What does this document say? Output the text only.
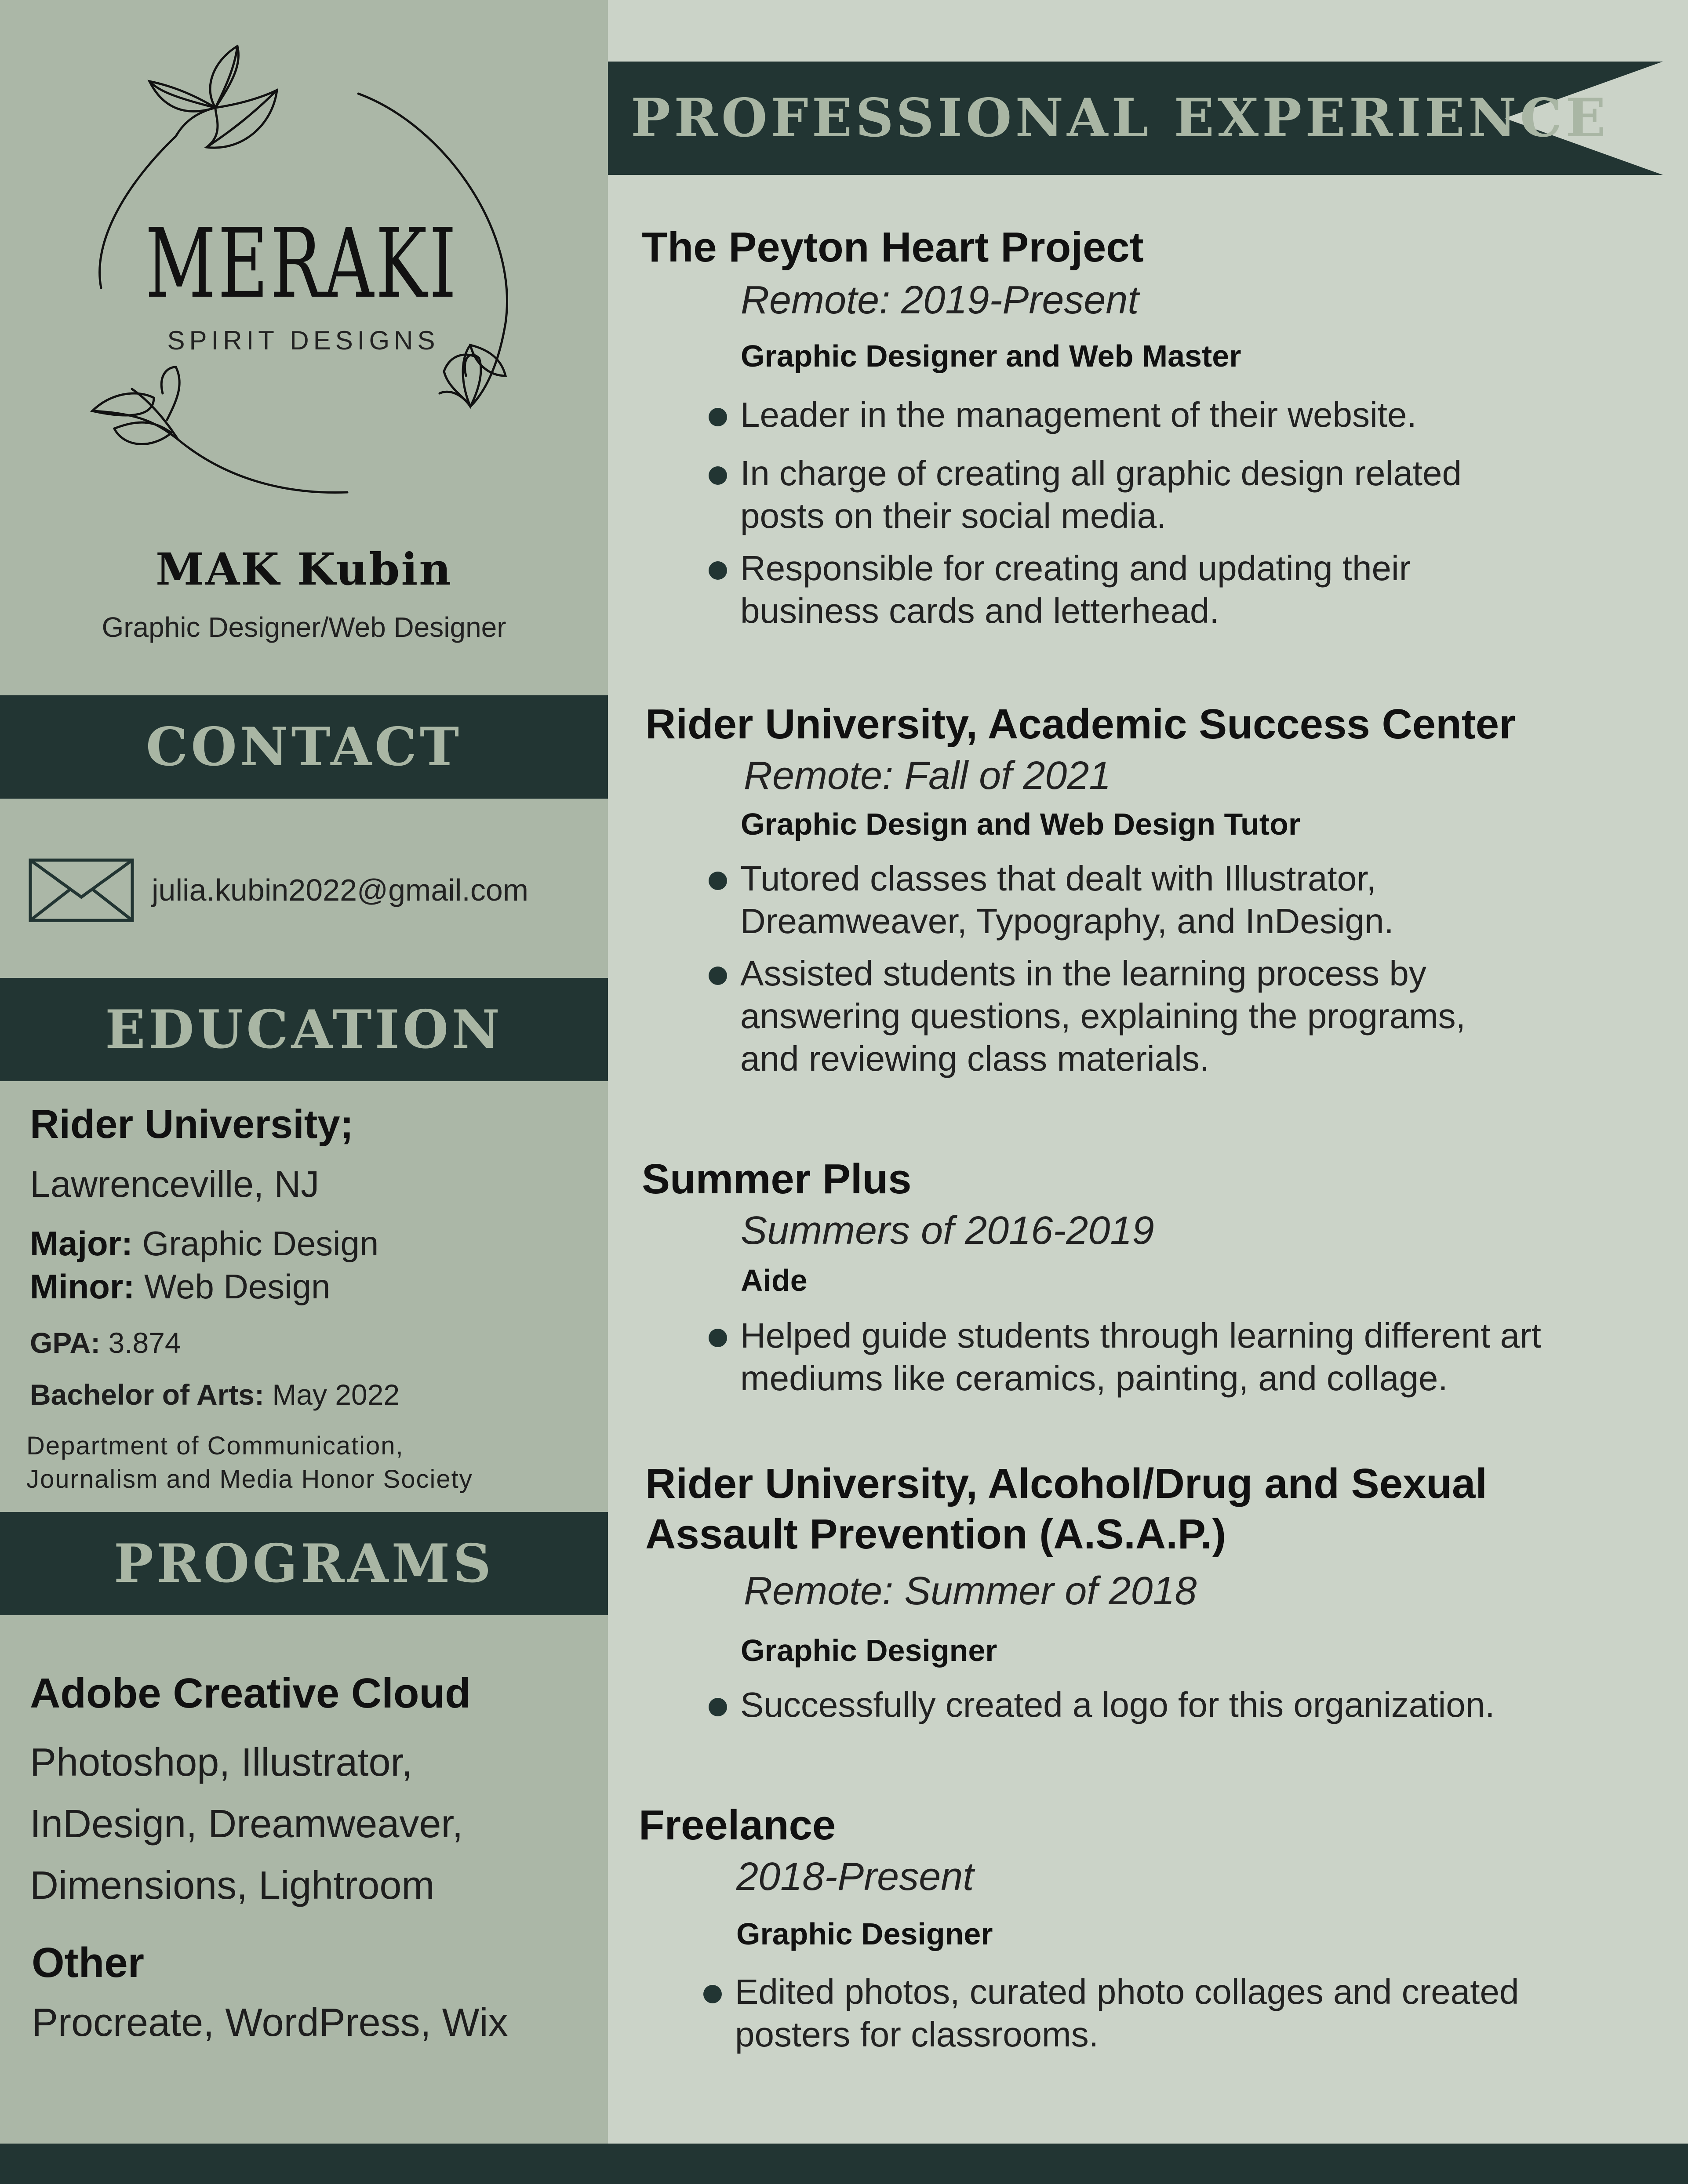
MERAKI
SPIRIT DESIGNS
MAK Kubin
Graphic Designer/Web Designer
CONTACT
julia.kubin2022@gmail.com
EDUCATION
Rider University;
Lawrenceville, NJ
Major: Graphic Design
Minor: Web Design
GPA: 3.874
Bachelor of Arts: May 2022
Department of Communication,
Journalism and Media Honor Society
PROGRAMS
Adobe Creative Cloud
Photoshop, Illustrator,
InDesign, Dreamweaver,
Dimensions, Lightroom
Other
Procreate, WordPress, Wix
PROFESSIONAL EXPERIENCE
The Peyton Heart Project
Remote: 2019-Present
Graphic Designer and Web Master
Leader in the management of their website.
In charge of creating all graphic design related posts on their social media.
Responsible for creating and updating their business cards and letterhead.
Rider University, Academic Success Center
Remote: Fall of 2021
Graphic Design and Web Design Tutor
Tutored classes that dealt with Illustrator, Dreamweaver, Typography, and InDesign.
Assisted students in the learning process by answering questions, explaining the programs, and reviewing class materials.
Summer Plus
Summers of 2016-2019
Aide
Helped guide students through learning different art mediums like ceramics, painting, and collage.
Rider University, Alcohol/Drug and Sexual
Assault Prevention (A.S.A.P.)
Remote: Summer of 2018
Graphic Designer
Successfully created a logo for this organization.
Freelance
2018-Present
Graphic Designer
Edited photos, curated photo collages and created posters for classrooms.
